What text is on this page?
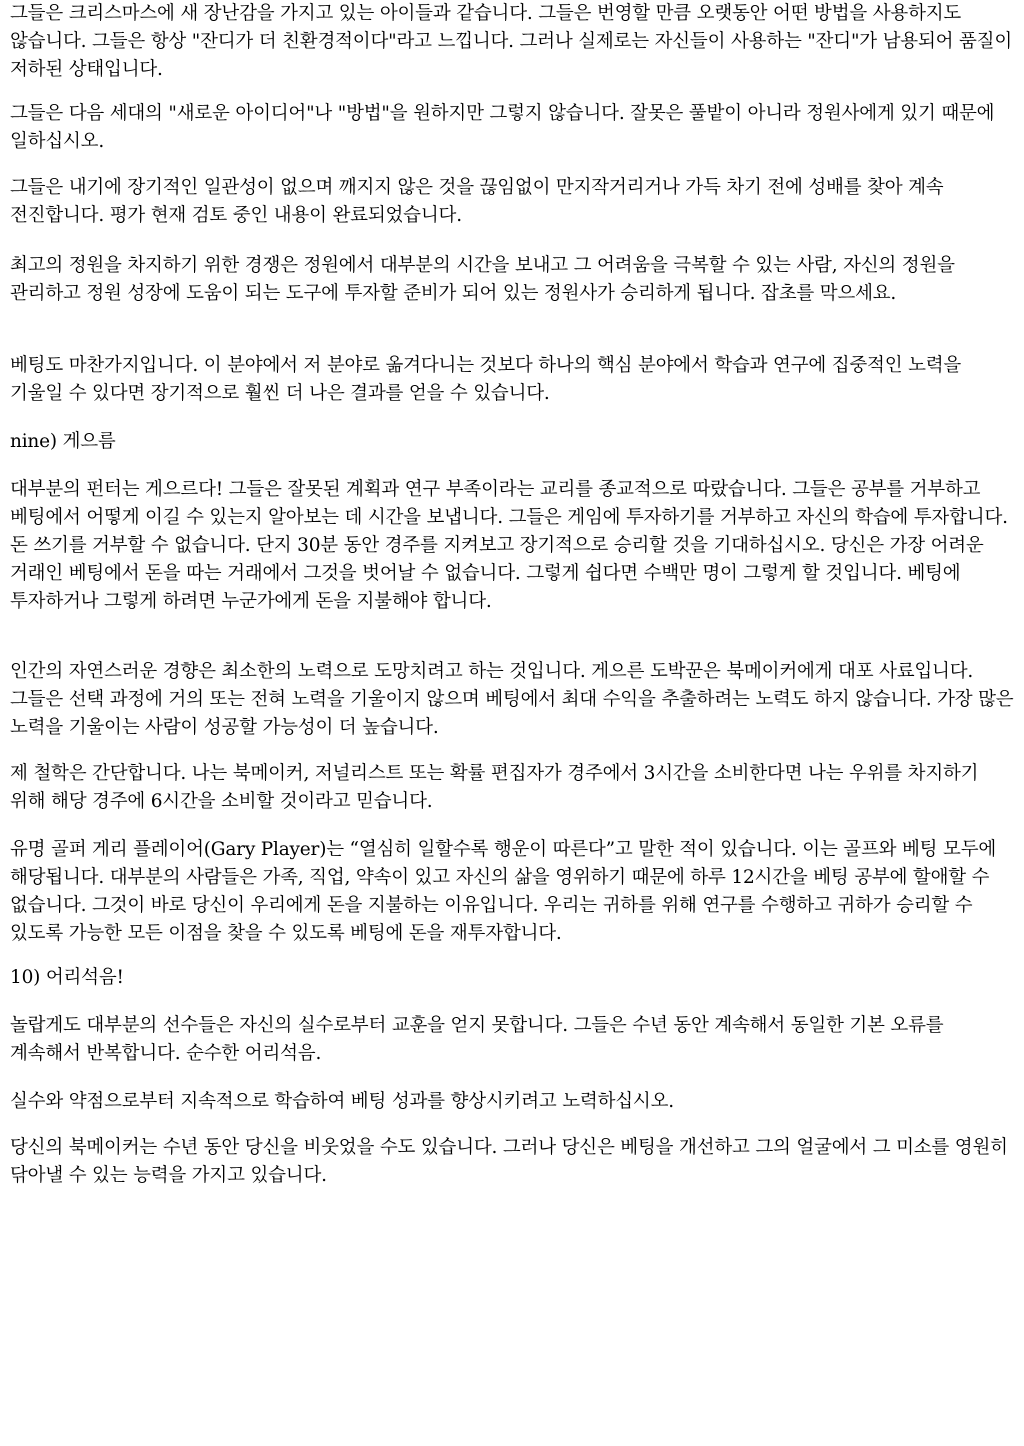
그들은 크리스마스에 새 장난감을 가지고 있는 아이들과 같습니다. 그들은 번영할 만큼 오랫동안 어떤 방법을 사용하지도 않습니다. 그들은 항상 "잔디가 더 친환경적이다"라고 느낍니다. 그러나 실제로는 자신들이 사용하는 "잔디"가 남용되어 품질이 저하된 상태입니다.

그들은 다음 세대의 "새로운 아이디어"나 "방법"을 원하지만 그렇지 않습니다. 잘못은 풀밭이 아니라 정원사에게 있기 때문에 일하십시오.

그들은 내기에 장기적인 일관성이 없으며 깨지지 않은 것을 끊임없이 만지작거리거나 가득 차기 전에 성배를 찾아 계속 전진합니다. 평가 현재 검토 중인 내용이 완료되었습니다.

최고의 정원을 차지하기 위한 경쟁은 정원에서 대부분의 시간을 보내고 그 어려움을 극복할 수 있는 사람, 자신의 정원을 관리하고 정원 성장에 도움이 되는 도구에 투자할 준비가 되어 있는 정원사가 승리하게 됩니다. 잡초를 막으세요.

베팅도 마찬가지입니다. 이 분야에서 저 분야로 옮겨다니는 것보다 하나의 핵심 분야에서 학습과 연구에 집중적인 노력을 기울일 수 있다면 장기적으로 훨씬 더 나은 결과를 얻을 수 있습니다.

nine) 게으름

대부분의 펀터는 게으르다! 그들은 잘못된 계획과 연구 부족이라는 교리를 종교적으로 따랐습니다. 그들은 공부를 거부하고 베팅에서 어떻게 이길 수 있는지 알아보는 데 시간을 보냅니다. 그들은 게임에 투자하기를 거부하고 자신의 학습에 투자합니다. 돈 쓰기를 거부할 수 없습니다. 단지 30분 동안 경주를 지켜보고 장기적으로 승리할 것을 기대하십시오. 당신은 가장 어려운 거래인 베팅에서 돈을 따는 거래에서 그것을 벗어날 수 없습니다. 그렇게 쉽다면 수백만 명이 그렇게 할 것입니다. 베팅에 투자하거나 그렇게 하려면 누군가에게 돈을 지불해야 합니다.

인간의 자연스러운 경향은 최소한의 노력으로 도망치려고 하는 것입니다. 게으른 도박꾼은 북메이커에게 대포 사료입니다. 그들은 선택 과정에 거의 또는 전혀 노력을 기울이지 않으며 베팅에서 최대 수익을 추출하려는 노력도 하지 않습니다. 가장 많은 노력을 기울이는 사람이 성공할 가능성이 더 높습니다.

제 철학은 간단합니다. 나는 북메이커, 저널리스트 또는 확률 편집자가 경주에서 3시간을 소비한다면 나는 우위를 차지하기 위해 해당 경주에 6시간을 소비할 것이라고 믿습니다.

유명 골퍼 게리 플레이어(Gary Player)는 “열심히 일할수록 행운이 따른다”고 말한 적이 있습니다. 이는 골프와 베팅 모두에 해당됩니다. 대부분의 사람들은 가족, 직업, 약속이 있고 자신의 삶을 영위하기 때문에 하루 12시간을 베팅 공부에 할애할 수 없습니다. 그것이 바로 당신이 우리에게 돈을 지불하는 이유입니다. 우리는 귀하를 위해 연구를 수행하고 귀하가 승리할 수 있도록 가능한 모든 이점을 찾을 수 있도록 베팅에 돈을 재투자합니다.

10) 어리석음!

놀랍게도 대부분의 선수들은 자신의 실수로부터 교훈을 얻지 못합니다. 그들은 수년 동안 계속해서 동일한 기본 오류를 계속해서 반복합니다. 순수한 어리석음.

실수와 약점으로부터 지속적으로 학습하여 베팅 성과를 향상시키려고 노력하십시오.

당신의 북메이커는 수년 동안 당신을 비웃었을 수도 있습니다. 그러나 당신은 베팅을 개선하고 그의 얼굴에서 그 미소를 영원히 닦아낼 수 있는 능력을 가지고 있습니다.
